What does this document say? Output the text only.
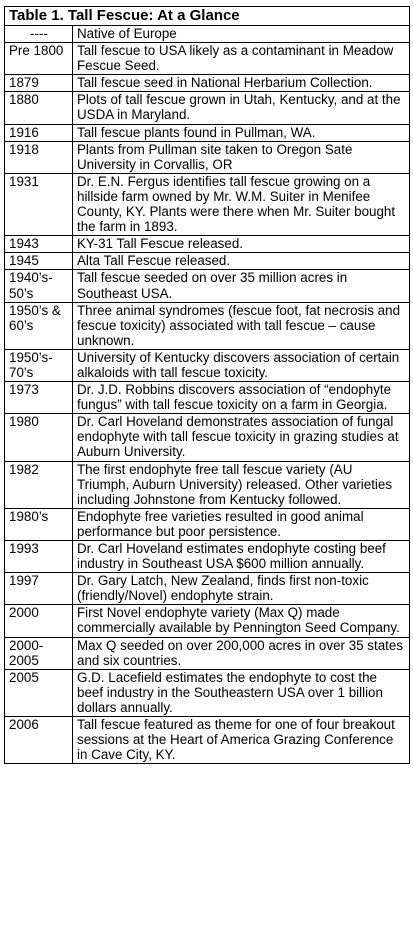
Table 1. Tall Fescue: At a Glance	
----	Native of Europe
Pre 1800	Tall fescue to USA likely as a contaminant in Meadow Fescue Seed.
1879	Tall fescue seed in National Herbarium Collection.
1880	Plots of tall fescue grown in Utah, Kentucky, and at the USDA in Maryland.
1916	Tall fescue plants found in Pullman, WA.
1918	Plants from Pullman site taken to Oregon Sate University in Corvallis, OR
1931	Dr. E.N. Fergus identifies tall fescue growing on a hillside farm owned by Mr. W.M. Suiter in Menifee County, KY. Plants were there when Mr. Suiter bought the farm in 1893.
1943	KY-31 Tall Fescue released.
1945	Alta Tall Fescue released.
1940’s-50’s	Tall fescue seeded on over 35 million acres in Southeast USA.
1950’s & 60’s	Three animal syndromes (fescue foot, fat necrosis and fescue toxicity) associated with tall fescue – cause unknown.
1950’s-70’s	University of Kentucky discovers association of certain alkaloids with tall fescue toxicity.
1973	Dr. J.D. Robbins discovers association of “endophyte fungus” with tall fescue toxicity on a farm in Georgia.
1980	Dr. Carl Hoveland demonstrates association of fungal endophyte with tall fescue toxicity in grazing studies at Auburn University.
1982	The first endophyte free tall fescue variety (AU Triumph, Auburn University) released. Other varieties including Johnstone from Kentucky followed.
1980’s	Endophyte free varieties resulted in good animal performance but poor persistence.
1993	Dr. Carl Hoveland estimates endophyte costing beef industry in Southeast USA $600 million annually.
1997	Dr. Gary Latch, New Zealand, finds first non-toxic (friendly/Novel) endophyte strain.
2000	First Novel endophyte variety (Max Q) made commercially available by Pennington Seed Company.
2000-2005	Max Q seeded on over 200,000 acres in over 35 states and six countries.
2005	G.D. Lacefield estimates the endophyte to cost the beef industry in the Southeastern USA over 1 billion dollars annually.
2006	Tall fescue featured as theme for one of four breakout sessions at the Heart of America Grazing Conference in Cave City, KY.
